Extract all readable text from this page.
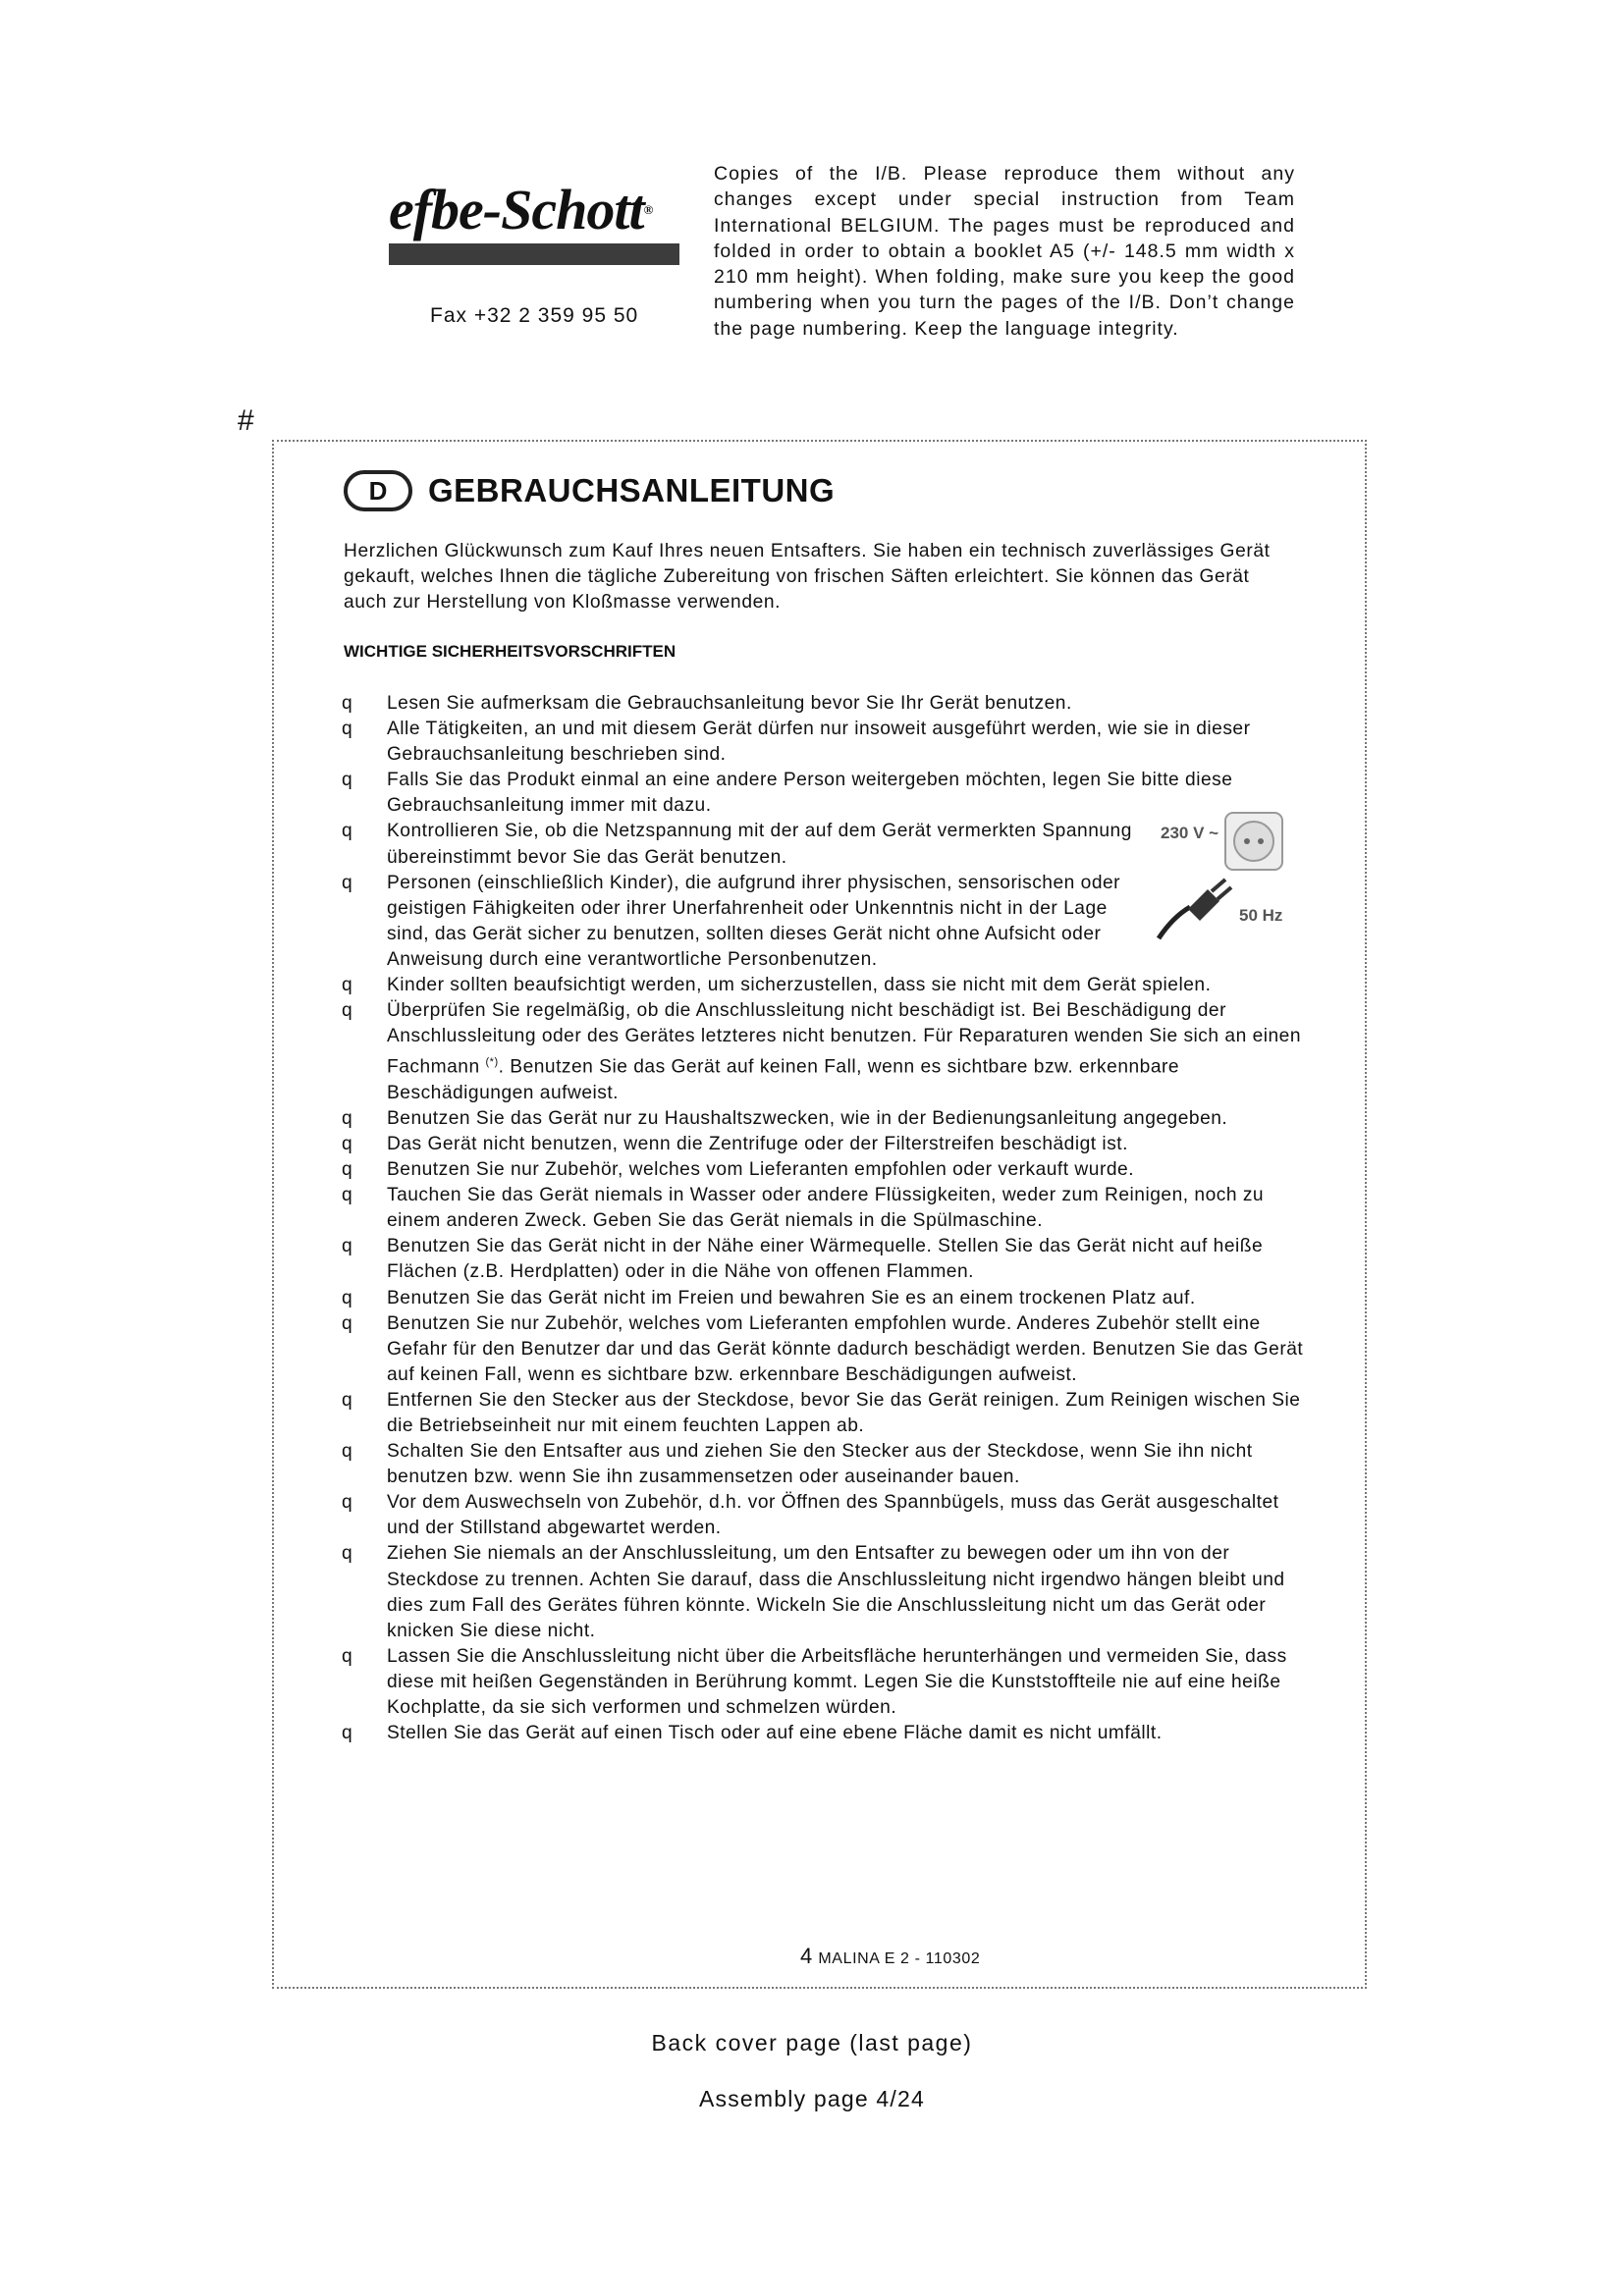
efbe-Schott®
Fax +32 2 359 95 50
Copies of the I/B. Please reproduce them without any changes except under special instruction from Team International BELGIUM. The pages must be reproduced and folded in order to obtain a booklet A5 (+/- 148.5 mm width x 210 mm height). When folding, make sure you keep the good numbering when you turn the pages of the I/B. Don’t change the page numbering. Keep the language integrity.
#
D	GEBRAUCHSANLEITUNG
Herzlichen Glückwunsch zum Kauf Ihres neuen Entsafters. Sie haben ein technisch zuverlässiges Gerät gekauft, welches Ihnen die tägliche Zubereitung von frischen Säften erleichtert. Sie können das Gerät auch zur Herstellung von Kloßmasse verwenden.
WICHTIGE SICHERHEITSVORSCHRIFTEN
q Lesen Sie aufmerksam die Gebrauchsanleitung bevor Sie Ihr Gerät benutzen.
q Alle Tätigkeiten, an und mit diesem Gerät dürfen nur insoweit ausgeführt werden, wie sie in dieser Gebrauchsanleitung beschrieben sind.
q Falls Sie das Produkt einmal an eine andere Person weitergeben möchten, legen Sie bitte diese Gebrauchsanleitung immer mit dazu.
q Kontrollieren Sie, ob die Netzspannung mit der auf dem Gerät vermerkten Spannung übereinstimmt bevor Sie das Gerät benutzen.
q Personen (einschließlich Kinder), die aufgrund ihrer physischen, sensorischen oder geistigen Fähigkeiten oder ihrer Unerfahrenheit oder Unkenntnis nicht in der Lage sind, das Gerät sicher zu benutzen, sollten dieses Gerät nicht ohne Aufsicht oder Anweisung durch eine verantwortliche Personbenutzen.
q Kinder sollten beaufsichtigt werden, um sicherzustellen, dass sie nicht mit dem Gerät spielen.
q Überprüfen Sie regelmäßig, ob die Anschlussleitung nicht beschädigt ist. Bei Beschädigung der Anschlussleitung oder des Gerätes letzteres nicht benutzen. Für Reparaturen wenden Sie sich an einen Fachmann (*). Benutzen Sie das Gerät auf keinen Fall, wenn es sichtbare bzw. erkennbare Beschädigungen aufweist.
q Benutzen Sie das Gerät nur zu Haushaltszwecken, wie in der Bedienungsanleitung angegeben.
q Das Gerät nicht benutzen, wenn die Zentrifuge oder der Filterstreifen beschädigt ist.
q Benutzen Sie nur Zubehör, welches vom Lieferanten empfohlen oder verkauft wurde.
q Tauchen Sie das Gerät niemals in Wasser oder andere Flüssigkeiten, weder zum Reinigen, noch zu einem anderen Zweck. Geben Sie das Gerät niemals in die Spülmaschine.
q Benutzen Sie das Gerät nicht in der Nähe einer Wärmequelle. Stellen Sie das Gerät nicht auf heiße Flächen (z.B. Herdplatten) oder in die Nähe von offenen Flammen.
q Benutzen Sie das Gerät nicht im Freien und bewahren Sie es an einem trockenen Platz auf.
q Benutzen Sie nur Zubehör, welches vom Lieferanten empfohlen wurde. Anderes Zubehör stellt eine Gefahr für den Benutzer dar und das Gerät könnte dadurch beschädigt werden. Benutzen Sie das Gerät auf keinen Fall, wenn es sichtbare bzw. erkennbare Beschädigungen aufweist.
q Entfernen Sie den Stecker aus der Steckdose, bevor Sie das Gerät reinigen. Zum Reinigen wischen Sie die Betriebseinheit nur mit einem feuchten Lappen ab.
q Schalten Sie den Entsafter aus und ziehen Sie den Stecker aus der Steckdose, wenn Sie ihn nicht benutzen bzw. wenn Sie ihn zusammensetzen oder auseinander bauen.
q Vor dem Auswechseln von Zubehör, d.h. vor Öffnen des Spannbügels, muss das Gerät ausgeschaltet und der Stillstand abgewartet werden.
q Ziehen Sie niemals an der Anschlussleitung, um den Entsafter zu bewegen oder um ihn von der Steckdose zu trennen. Achten Sie darauf, dass die Anschlussleitung nicht irgendwo hängen bleibt und dies zum Fall des Gerätes führen könnte. Wickeln Sie die Anschlussleitung nicht um das Gerät oder knicken Sie diese nicht.
q Lassen Sie die Anschlussleitung nicht über die Arbeitsfläche herunterhängen und vermeiden Sie, dass diese mit heißen Gegenständen in Berührung kommt. Legen Sie die Kunststoffteile nie auf eine heiße Kochplatte, da sie sich verformen und schmelzen würden.
q Stellen Sie das Gerät auf einen Tisch oder auf eine ebene Fläche damit es nicht umfällt.
230 V ~
50 Hz
4 MALINA E 2 - 110302
Back cover page (last page)
Assembly page 4/24
